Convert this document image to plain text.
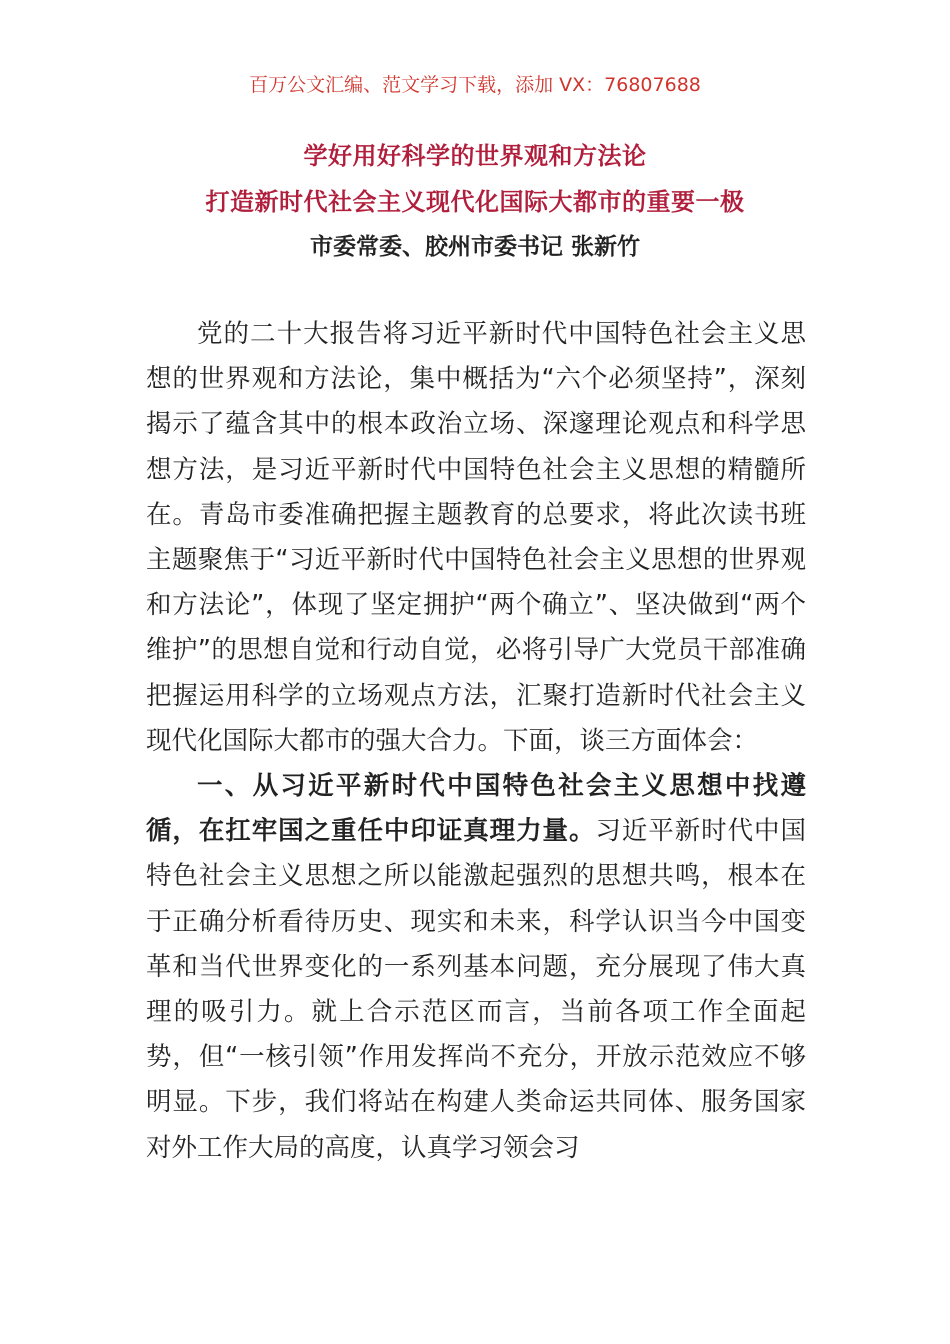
百万公文汇编、范文学习下载，添加 VX：76807688
学好用好科学的世界观和方法论
打造新时代社会主义现代化国际大都市的重要一极
市委常委、胶州市委书记 张新竹

党的二十大报告将习近平新时代中国特色社会主义思想的世界观和方法论，集中概括为“六个必须坚持”，深刻揭示了蕴含其中的根本政治立场、深邃理论观点和科学思想方法，是习近平新时代中国特色社会主义思想的精髓所在。青岛市委准确把握主题教育的总要求，将此次读书班主题聚焦于“习近平新时代中国特色社会主义思想的世界观和方法论”，体现了坚定拥护“两个确立”、坚决做到“两个维护”的思想自觉和行动自觉，必将引导广大党员干部准确把握运用科学的立场观点方法，汇聚打造新时代社会主义现代化国际大都市的强大合力。下面，谈三方面体会：

一、从习近平新时代中国特色社会主义思想中找遵循，在扛牢国之重任中印证真理力量。习近平新时代中国特色社会主义思想之所以能激起强烈的思想共鸣，根本在于正确分析看待历史、现实和未来，科学认识当今中国变革和当代世界变化的一系列基本问题，充分展现了伟大真理的吸引力。就上合示范区而言，当前各项工作全面起势，但“一核引领”作用发挥尚不充分，开放示范效应不够明显。下步，我们将站在构建人类命运共同体、服务国家对外工作大局的高度，认真学习领会习
